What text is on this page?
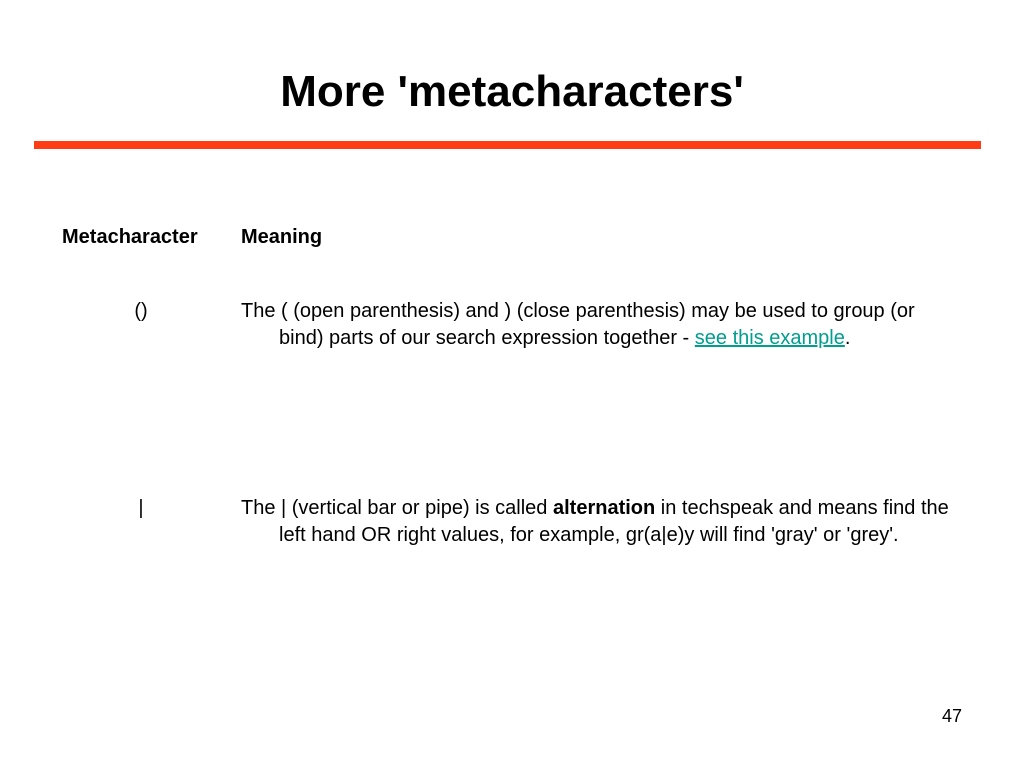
More 'metacharacters'
Metacharacter Meaning
()	The ( (open parenthesis) and ) (close parenthesis) may be used to group (or bind) parts of our search expression together - see this example.
|	The | (vertical bar or pipe) is called alternation in techspeak and means find the left hand OR right values, for example, gr(a|e)y will find 'gray' or 'grey'.
47
